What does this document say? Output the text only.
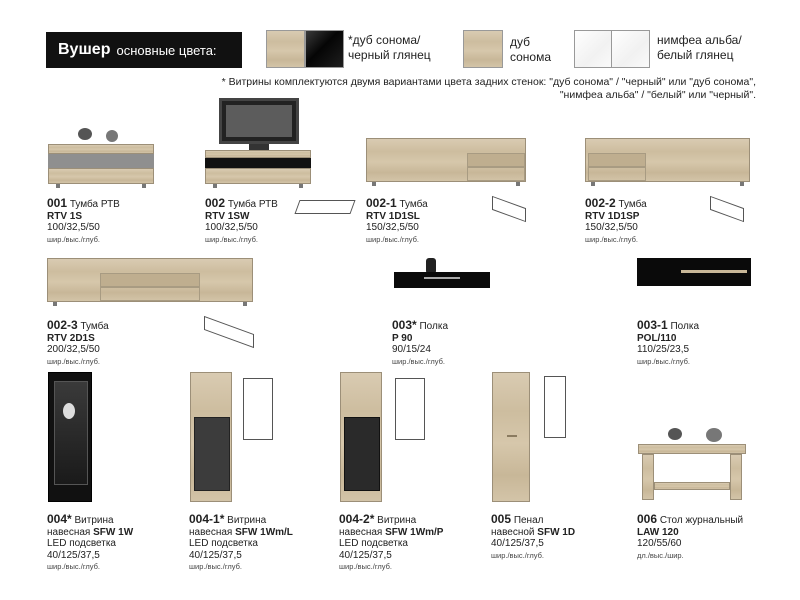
Вушер основные цвета:
*дуб сонома/
черный глянец
дуб
сонома
нимфеа альба/
белый глянец
* Витрины комплектуются двумя вариантами цвета задних стенок: "дуб сонома" / "черный" или "дуб сонома",
"нимфеа альба" / "белый" или "черный".
001 Тумба РТВ
RTV 1S
100/32,5/50
шир./выс./глуб.
002 Тумба РТВ
RTV 1SW
100/32,5/50
шир./выс./глуб.
002-1 Тумба
RTV 1D1SL
150/32,5/50
шир./выс./глуб.
002-2 Тумба
RTV 1D1SP
150/32,5/50
шир./выс./глуб.
002-3 Тумба
RTV 2D1S
200/32,5/50
шир./выс./глуб.
003* Полка
P 90
90/15/24
шир./выс./глуб.
003-1 Полка
POL/110
110/25/23,5
шир./выс./глуб.
004* Витрина
навесная SFW 1W
LED подсветка
40/125/37,5
шир./выс./глуб.
004-1* Витрина
навесная SFW 1Wm/L
LED подсветка
40/125/37,5
шир./выс./глуб.
004-2* Витрина
навесная SFW 1Wm/P
LED подсветка
40/125/37,5
шир./выс./глуб.
005 Пенал
навесной SFW 1D
40/125/37,5
шир./выс./глуб.
006 Стол журнальный
LAW 120
120/55/60
дл./выс./шир.
